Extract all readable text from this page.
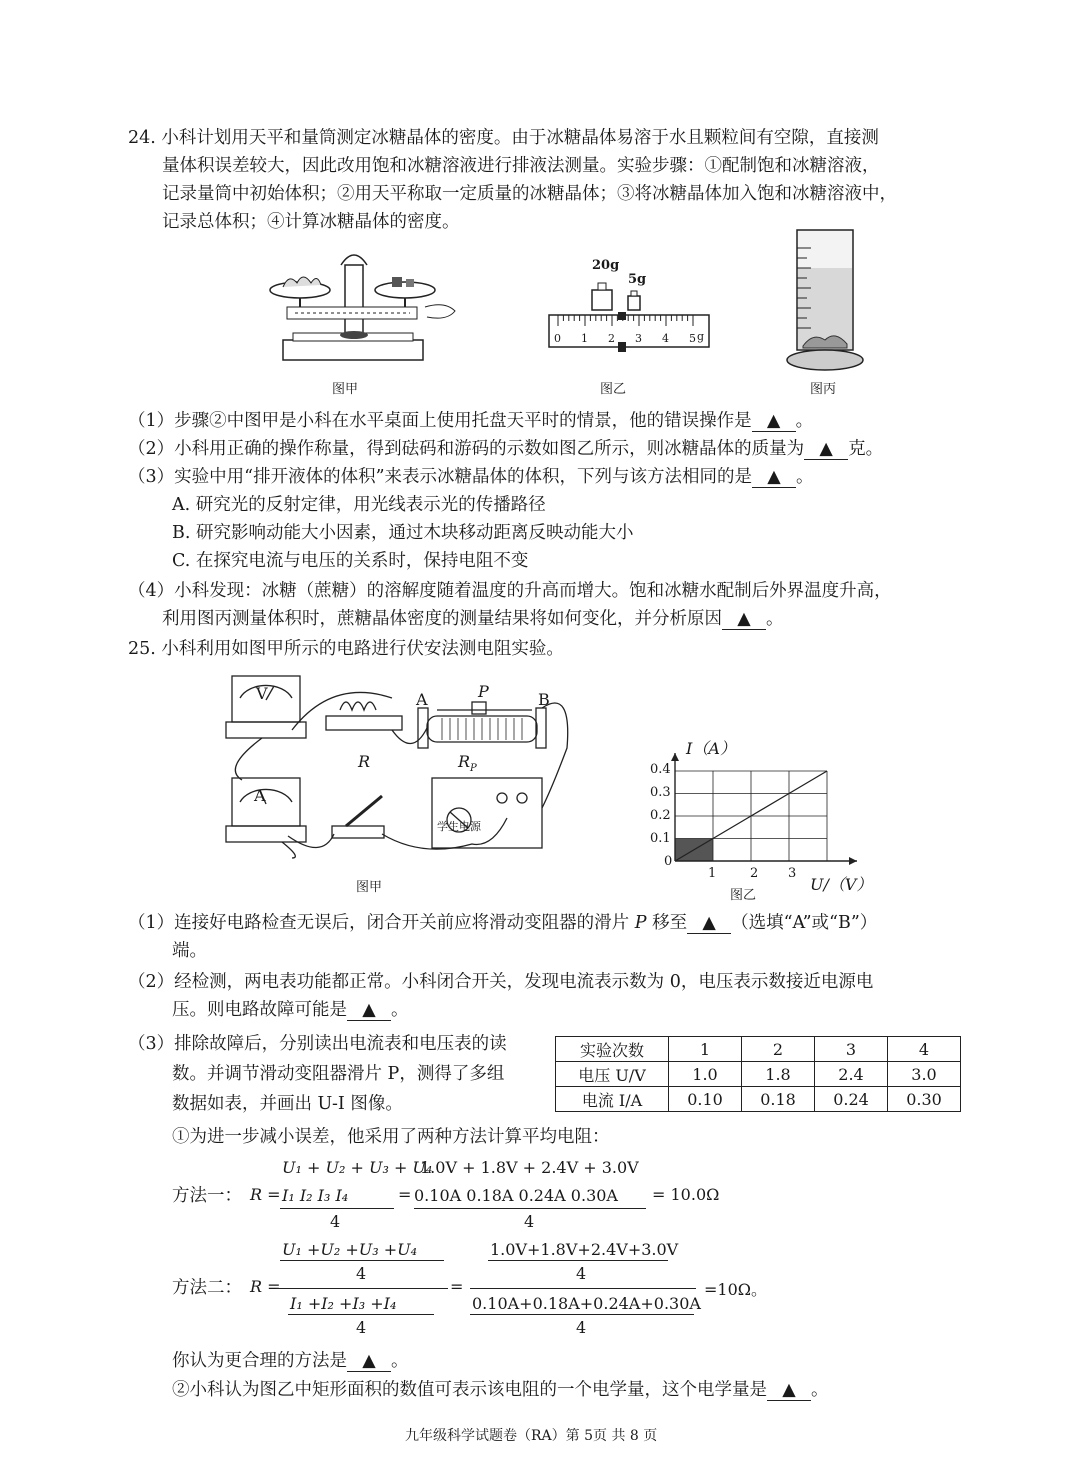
24. 小科计划用天平和量筒测定冰糖晶体的密度。由于冰糖晶体易溶于水且颗粒间有空隙，直接测
量体积误差较大，因此改用饱和冰糖溶液进行排液法测量。实验步骤：①配制饱和冰糖溶液，
记录量筒中初始体积；②用天平称取一定质量的冰糖晶体；③将冰糖晶体加入饱和冰糖溶液中，
记录总体积；④计算冰糖晶体的密度。
图甲
20g
5g
0 1 2 3 4 5 g
图乙	图丙
（1）步骤②中图甲是小科在水平桌面上使用托盘天平时的情景，他的错误操作是 ▲ 。
（2）小科用正确的操作称量，得到砝码和游码的示数如图乙所示，则冰糖晶体的质量为 ▲ 克。
（3）实验中用“排开液体的体积”来表示冰糖晶体的体积，下列与该方法相同的是 ▲ 。
A. 研究光的反射定律，用光线表示光的传播路径
B. 研究影响动能大小因素，通过木块移动距离反映动能大小
C. 在探究电流与电压的关系时，保持电阻不变
（4）小科发现：冰糖（蔗糖）的溶解度随着温度的升高而增大。饱和冰糖水配制后外界温度升高，
利用图丙测量体积时，蔗糖晶体密度的测量结果将如何变化，并分析原因 ▲ 。
25. 小科利用如图甲所示的电路进行伏安法测电阻实验。
V
A
A	P	B
R	$R_P$
学生电源
图甲
I（A）
U/（V）
0.4
0.3
0.2
0.1
0
1	2 3
图乙
（1）连接好电路检查无误后，闭合开关前应将滑动变阻器的滑片 P 移至 ▲ （选填“A”或“B”）
端。
（2）经检测，两电表功能都正常。小科闭合开关，发现电流表示数为 0，电压表示数接近电源电
压。则电路故障可能是 ▲ 。
（3）排除故障后，分别读出电流表和电压表的读
数。并调节滑动变阻器滑片 P，测得了多组
数据如表，并画出 U-I 图像。
实验次数	1	2	3	4
电压 U/V	1.0	1.8	2.4	3.0
电流 I/A	0.10	0.18	0.24	0.30
①为进一步减小误差，他采用了两种方法计算平均电阻：
方法一： R =
U₁ + U₂ + U₃ + U₄
I₁ I₂ I₃ I₄
4
=
1.0V + 1.8V + 2.4V + 3.0V
0.10A 0.18A 0.24A 0.30A
4
= 10.0Ω
方法二： R =
U₁ +U₂ +U₃ +U₄
4
I₁ +I₂ +I₃ +I₄
4
=
1.0V+1.8V+2.4V+3.0V
4
0.10A+0.18A+0.24A+0.30A
4
=10Ω。
你认为更合理的方法是 ▲ 。
②小科认为图乙中矩形面积的数值可表示该电阻的一个电学量，这个电学量是 ▲ 。
九年级科学试题卷（RA）第 5页 共 8 页
